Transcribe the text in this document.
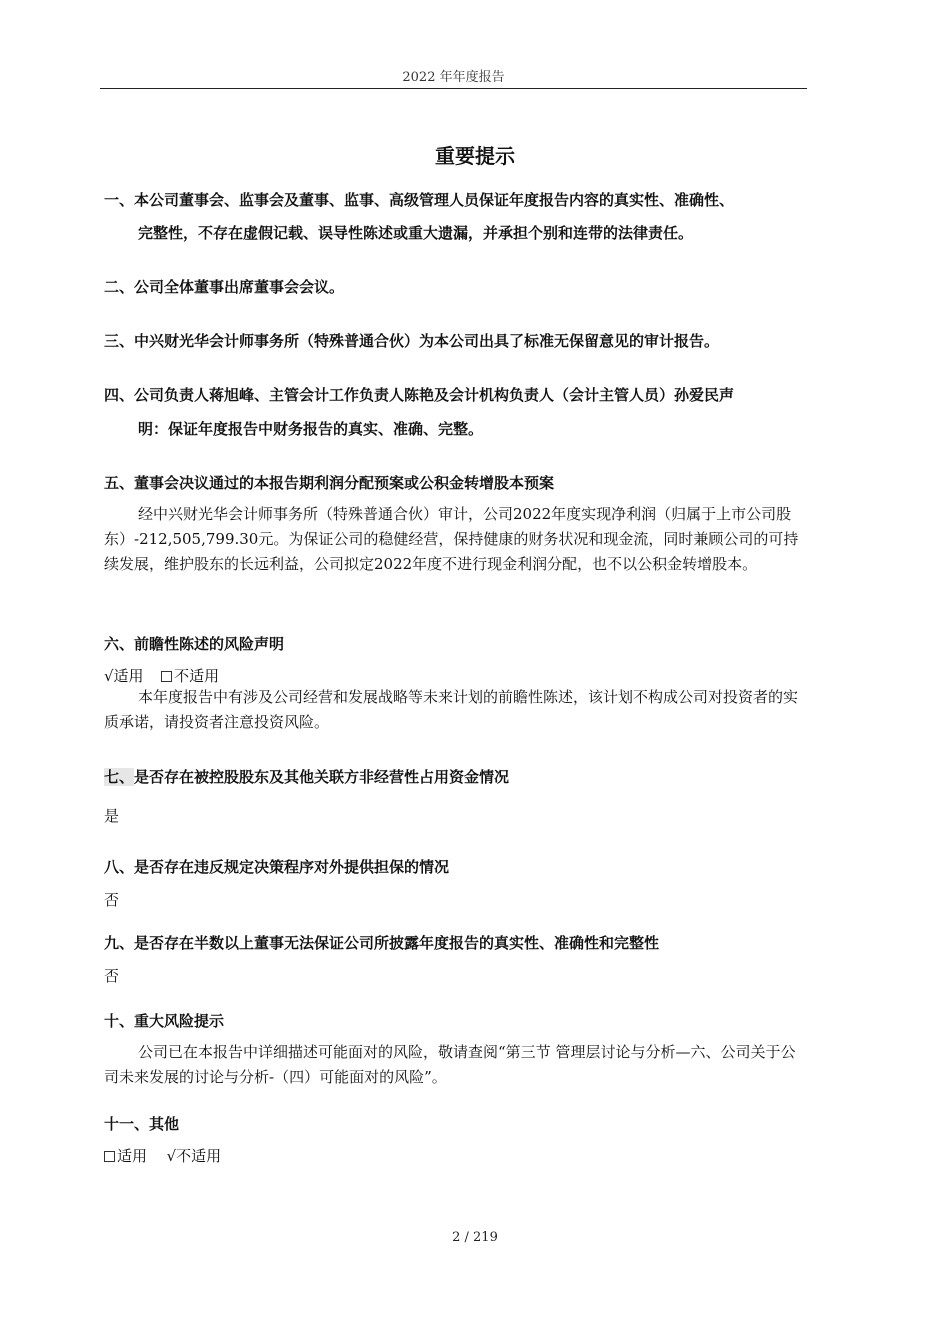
2022 年年度报告
重要提示
一、本公司董事会、监事会及董事、监事、高级管理人员保证年度报告内容的真实性、准确性、
完整性，不存在虚假记载、误导性陈述或重大遗漏，并承担个别和连带的法律责任。
二、公司全体董事出席董事会会议。
三、中兴财光华会计师事务所（特殊普通合伙）为本公司出具了标准无保留意见的审计报告。
四、公司负责人蒋旭峰、主管会计工作负责人陈艳及会计机构负责人（会计主管人员）孙爱民声
明：保证年度报告中财务报告的真实、准确、完整。
五、董事会决议通过的本报告期利润分配预案或公积金转增股本预案
经中兴财光华会计师事务所（特殊普通合伙）审计，公司2022年度实现净利润（归属于上市公司股东）-212,505,799.30元。为保证公司的稳健经营，保持健康的财务状况和现金流，同时兼顾公司的可持续发展，维护股东的长远利益，公司拟定2022年度不进行现金利润分配，也不以公积金转增股本。
六、前瞻性陈述的风险声明
√适用 不适用
本年度报告中有涉及公司经营和发展战略等未来计划的前瞻性陈述，该计划不构成公司对投资者的实质承诺，请投资者注意投资风险。
七、是否存在被控股股东及其他关联方非经营性占用资金情况
是
八、是否存在违反规定决策程序对外提供担保的情况
否
九、是否存在半数以上董事无法保证公司所披露年度报告的真实性、准确性和完整性
否
十、重大风险提示
公司已在本报告中详细描述可能面对的风险，敬请查阅“第三节 管理层讨论与分析—六、公司关于公司未来发展的讨论与分析-（四）可能面对的风险”。
十一、其他
适用 √不适用
2 / 219
